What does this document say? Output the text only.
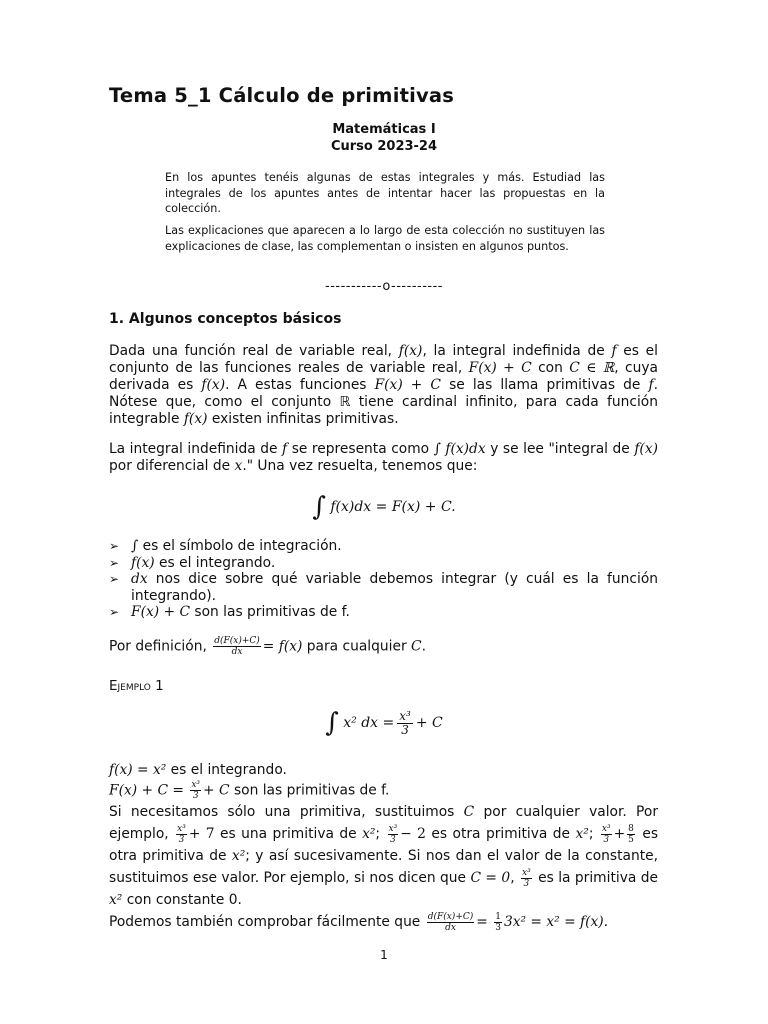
Tema 5_1 Cálculo de primitivas
Matemáticas I
Curso 2023-24
En los apuntes tenéis algunas de estas integrales y más. Estudiad las integrales de los apuntes antes de intentar hacer las propuestas en la colección.
Las explicaciones que aparecen a lo largo de esta colección no sustituyen las explicaciones de clase, las complementan o insisten en algunos puntos.
-----------o----------
1. Algunos conceptos básicos
Dada una función real de variable real, f(x), la integral indefinida de f es el conjunto de las funciones reales de variable real, F(x) + C con C ∈ ℝ, cuya derivada es f(x). A estas funciones F(x) + C se las llama primitivas de f. Nótese que, como el conjunto ℝ tiene cardinal infinito, para cada función integrable f(x) existen infinitas primitivas.
La integral indefinida de f se representa como ∫ f(x)dx y se lee "integral de f(x) por diferencial de x." Una vez resuelta, tenemos que:
∫ f(x)dx = F(x) + C.
➢ ∫ es el símbolo de integración.
➢ f(x) es el integrando.
➢ dx nos dice sobre qué variable debemos integrar (y cuál es la función integrando).
➢ F(x) + C son las primitivas de f.
Por definición, $\frac{d(F(x)+C)}{dx} = f(x)$ para cualquier C.
Ejemplo 1
∫ x² dx = $\frac{\text{x³}}{3} + C$
f(x) = x² es el integrando.
$F(x) + C = \frac{\text{x³}}{3} + C$ son las primitivas de f.
Si necesitamos sólo una primitiva, sustituimos C por cualquier valor. Por ejemplo, $\frac{\text{x³}}{3} + 7$ es una primitiva de x²; $\frac{\text{x³}}{3} - 2$ es otra primitiva de x²; $\frac{\text{x³}}{3} + \frac{8}{5}$ es otra primitiva de x²; y así sucesivamente. Si nos dan el valor de la constante, sustituimos ese valor. Por ejemplo, si nos dicen que C = 0, $\frac{\text{x³}}{3}$ es la primitiva de x² con constante 0.
Podemos también comprobar fácilmente que $\frac{d(F(x)+C)}{dx} = \frac{1}{3} 3x^2 = x^2 = f(x)$.
1
